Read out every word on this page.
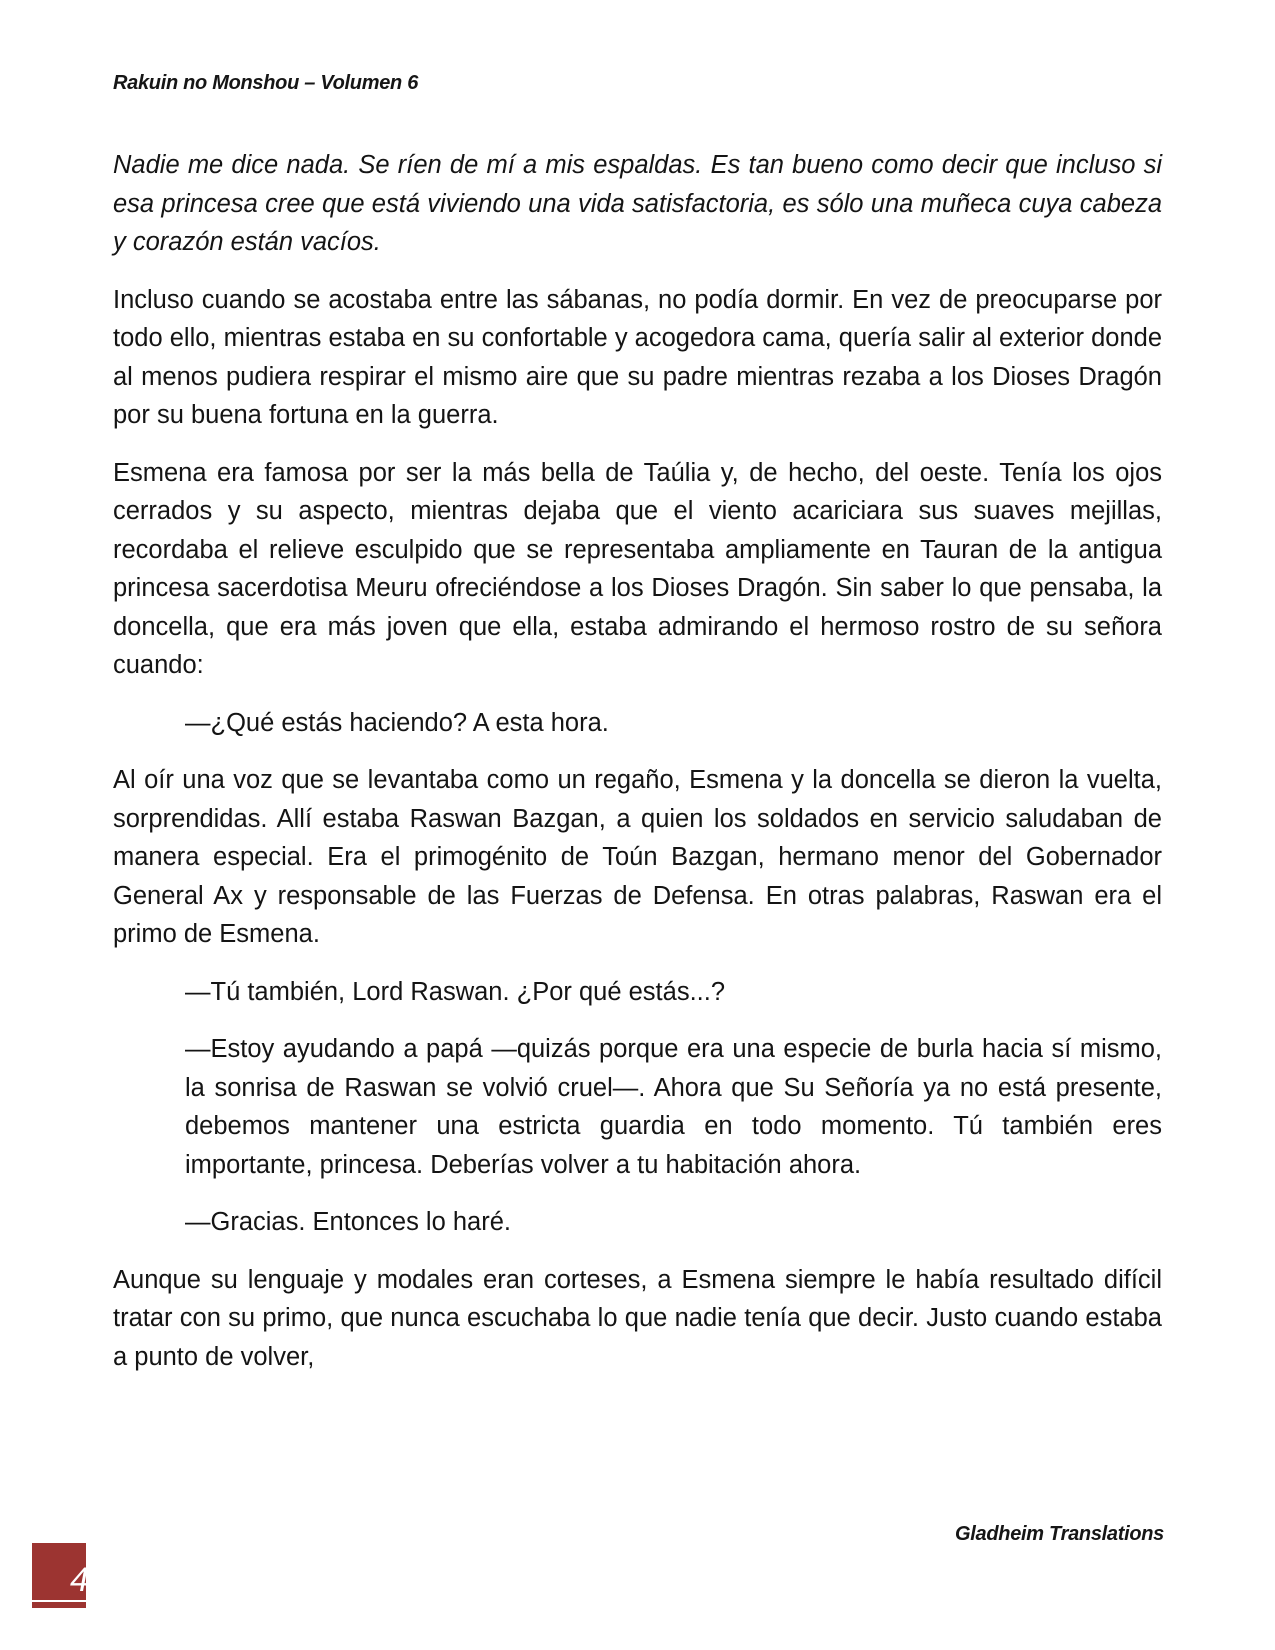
Rakuin no Monshou – Volumen 6

Nadie me dice nada. Se ríen de mí a mis espaldas. Es tan bueno como decir que incluso si esa princesa cree que está viviendo una vida satisfactoria, es sólo una muñeca cuya cabeza y corazón están vacíos.

Incluso cuando se acostaba entre las sábanas, no podía dormir. En vez de preocuparse por todo ello, mientras estaba en su confortable y acogedora cama, quería salir al exterior donde al menos pudiera respirar el mismo aire que su padre mientras rezaba a los Dioses Dragón por su buena fortuna en la guerra.

Esmena era famosa por ser la más bella de Taúlia y, de hecho, del oeste. Tenía los ojos cerrados y su aspecto, mientras dejaba que el viento acariciara sus suaves mejillas, recordaba el relieve esculpido que se representaba ampliamente en Tauran de la antigua princesa sacerdotisa Meuru ofreciéndose a los Dioses Dragón. Sin saber lo que pensaba, la doncella, que era más joven que ella, estaba admirando el hermoso rostro de su señora cuando:

—¿Qué estás haciendo? A esta hora.

Al oír una voz que se levantaba como un regaño, Esmena y la doncella se dieron la vuelta, sorprendidas. Allí estaba Raswan Bazgan, a quien los soldados en servicio saludaban de manera especial. Era el primogénito de Toún Bazgan, hermano menor del Gobernador General Ax y responsable de las Fuerzas de Defensa. En otras palabras, Raswan era el primo de Esmena.

—Tú también, Lord Raswan. ¿Por qué estás...?

—Estoy ayudando a papá —quizás porque era una especie de burla hacia sí mismo, la sonrisa de Raswan se volvió cruel—. Ahora que Su Señoría ya no está presente, debemos mantener una estricta guardia en todo momento. Tú también eres importante, princesa. Deberías volver a tu habitación ahora.

—Gracias. Entonces lo haré.

Aunque su lenguaje y modales eran corteses, a Esmena siempre le había resultado difícil tratar con su primo, que nunca escuchaba lo que nadie tenía que decir. Justo cuando estaba a punto de volver,

Gladheim Translations
4
